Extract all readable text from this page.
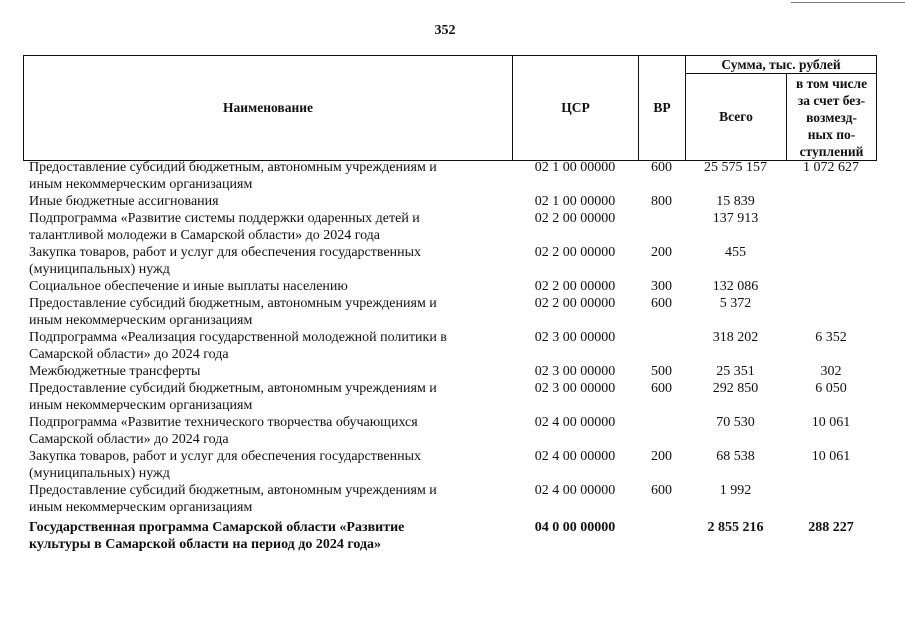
352
Наименование	ЦСР	ВР	Сумма, тыс. рублей	
			Всего	в том числе
за счет без-
возмезд-
ных по-
ступлений
Предоставление субсидий бюджетным, автономным учреждениям и
иным некоммерческим организациям	02 1 00 00000	600	25 575 157	1 072 627

Иные бюджетные ассигнования	02 1 00 00000	800	15 839	

Подпрограмма «Развитие системы поддержки одаренных детей и
талантливой молодежи в Самарской области» до 2024 года	02 2 00 00000		137 913	

Закупка товаров, работ и услуг для обеспечения государственных
(муниципальных) нужд	02 2 00 00000	200	455	

Социальное обеспечение и иные выплаты населению	02 2 00 00000	300	132 086	

Предоставление субсидий бюджетным, автономным учреждениям и
иным некоммерческим организациям	02 2 00 00000	600	5 372	

Подпрограмма «Реализация государственной молодежной политики в
Самарской области» до 2024 года	02 3 00 00000		318 202	6 352

Межбюджетные трансферты	02 3 00 00000	500	25 351	302

Предоставление субсидий бюджетным, автономным учреждениям и
иным некоммерческим организациям	02 3 00 00000	600	292 850	6 050

Подпрограмма «Развитие технического творчества обучающихся
Самарской области» до 2024 года	02 4 00 00000		70 530	10 061

Закупка товаров, работ и услуг для обеспечения государственных
(муниципальных) нужд	02 4 00 00000	200	68 538	10 061

Предоставление субсидий бюджетным, автономным учреждениям и
иным некоммерческим организациям	02 4 00 00000	600	1 992	

Государственная программа Самарской области «Развитие
культуры в Самарской области на период до 2024 года»	04 0 00 00000		2 855 216	288 227
